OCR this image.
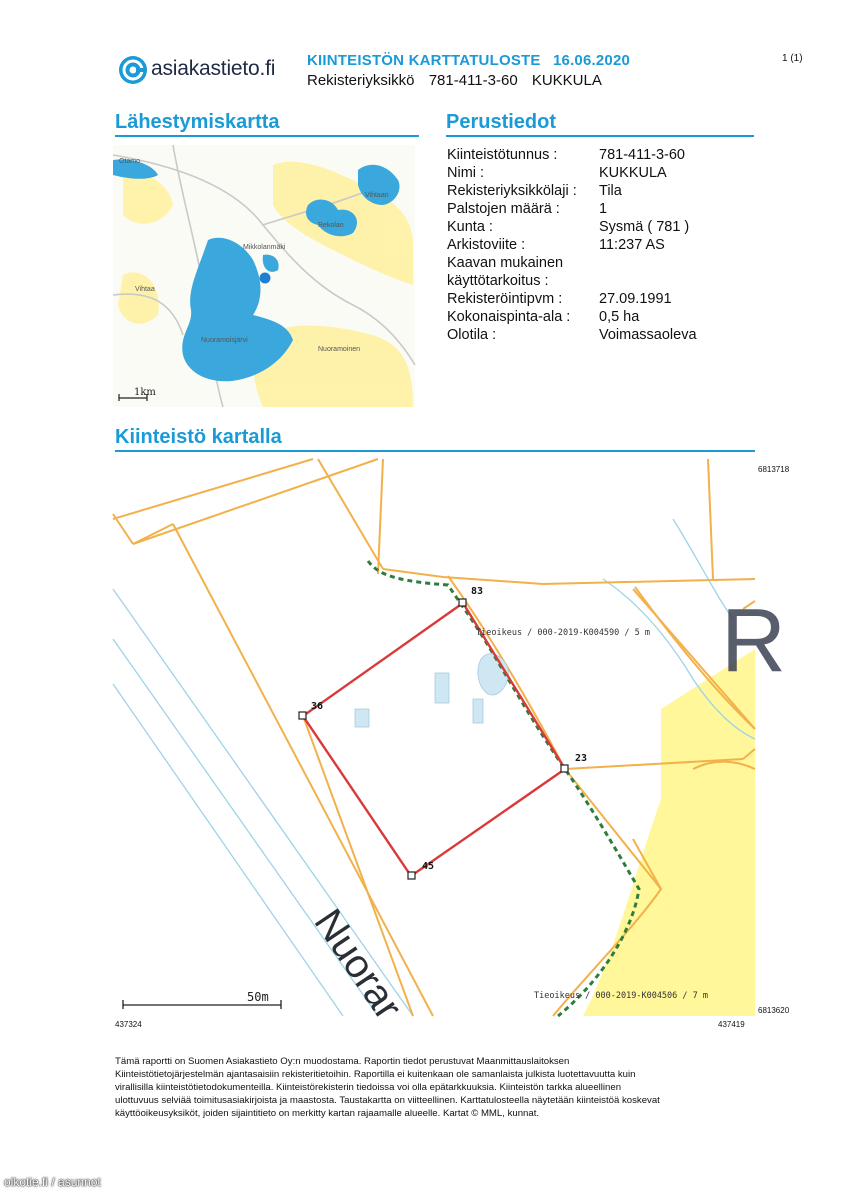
asiakastieto.fi KIINTEISTÖN KARTTATULOSTE 16.06.2020
Rekisteriyksikkö 781-411-3-60 KUKKULA
1 (1)
Lähestymiskartta	Perustiedot
Otamo
Mikkolanmäki
Vihtaa
Nuoramoisjärvi
Nuoramoinen
Rekolan
Vihtaan
1km
Kiinteistötunnus :	781-411-3-60
Nimi :	KUKKULA
Rekisteriyksikkölaji : Tila
Palstojen määrä :	1
Kunta :	Sysmä ( 781 )
Arkistoviite :	11:237 AS
Kaavan mukainen
käyttötarkoitus :
Rekisteröintipvm :	27.09.1991
Kokonaispinta-ala : 0,5 ha
Olotila :	Voimassaoleva
Kiinteistö kartalla
6813718
R
Nuorar
83
36
23
45
Tieoikeus / 000-2019-K004590 / 5 m
Tieoikeus / 000-2019-K004506 / 7 m
50m
6813620
437324	437419
Tämä raportti on Suomen Asiakastieto Oy:n muodostama. Raportin tiedot perustuvat Maanmittauslaitoksen
Kiinteistötietojärjestelmän ajantasaisiin rekisteritietoihin. Raportilla ei kuitenkaan ole samanlaista julkista luotettavuutta kuin
virallisilla kiinteistötietodokumenteilla. Kiinteistörekisterin tiedoissa voi olla epätarkkuuksia. Kiinteistön tarkka alueellinen
ulottuvuus selviää toimitusasiakirjoista ja maastosta. Taustakartta on viitteellinen. Karttatulosteella näytetään kiinteistöä koskevat
käyttöoikeusyksiköt, joiden sijaintitieto on merkitty kartan rajaamalle alueelle. Kartat © MML, kunnat.
oikotie.fi / asunnot
